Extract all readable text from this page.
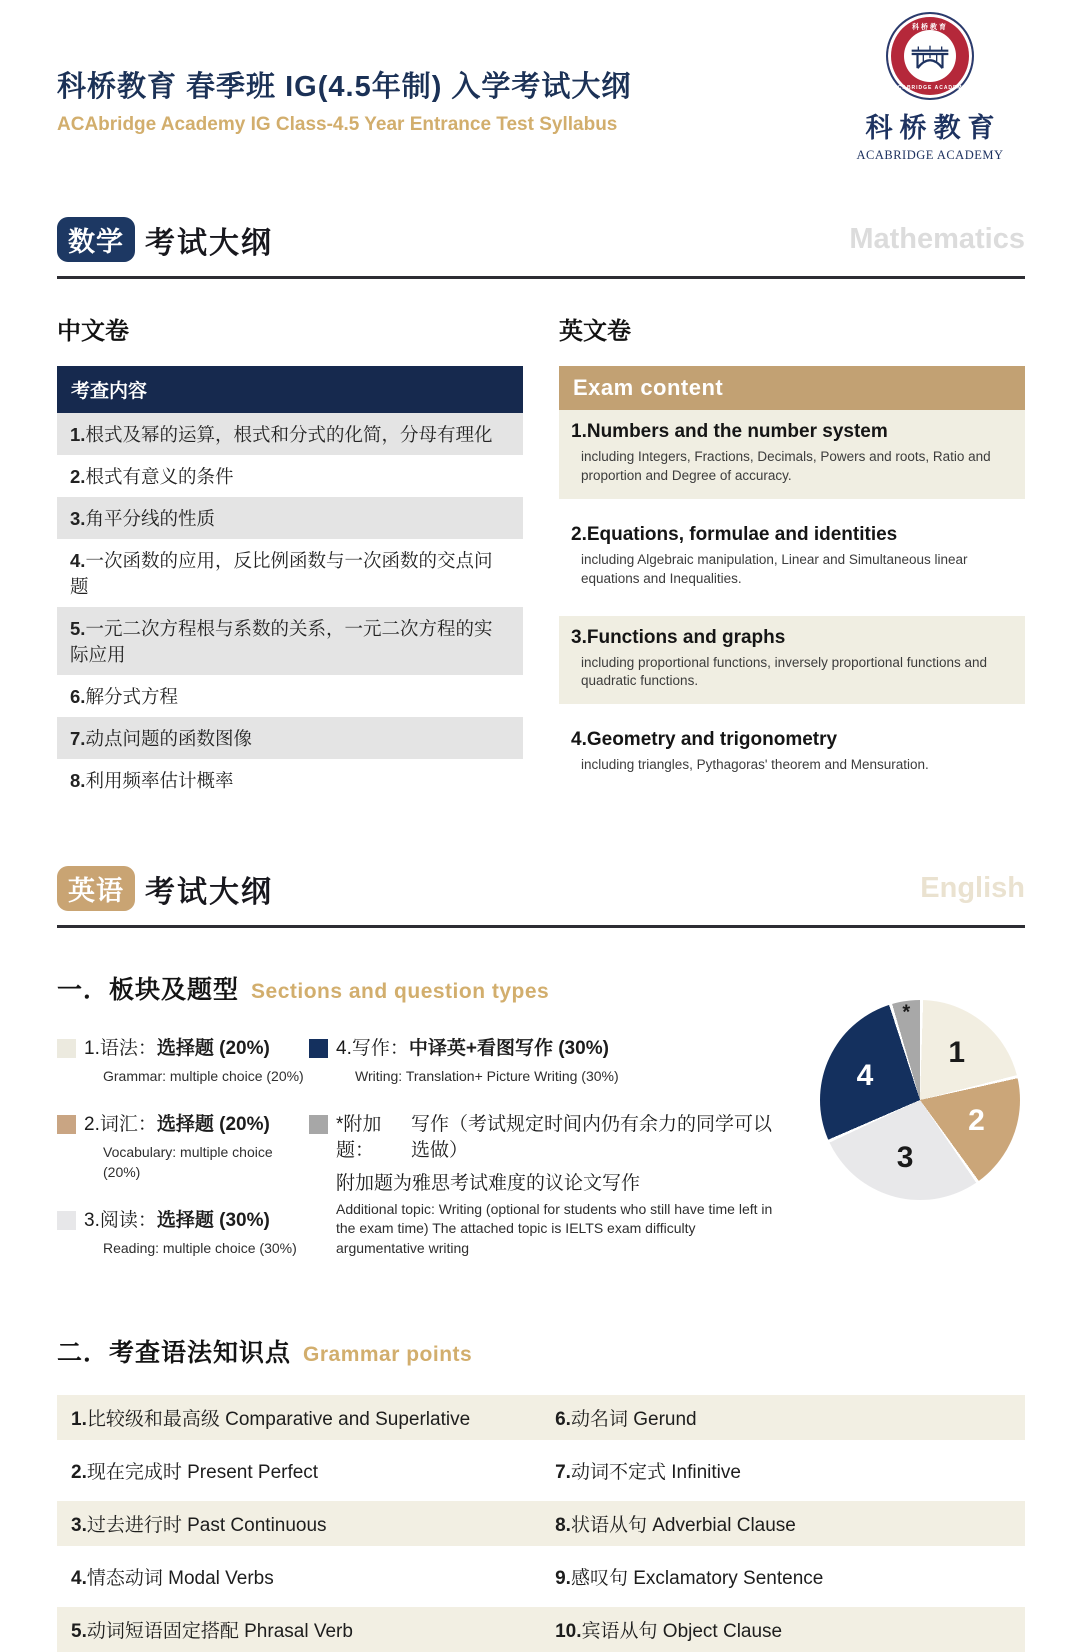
科桥教育 春季班 IG(4.5年制) 入学考试大纲
ACAbridge Academy IG Class-4.5 Year Entrance Test Syllabus
科桥教育
ACABRIDGE ACADEMY
科桥教育
ACABRIDGE ACADEMY
数学 考试大纲	Mathematics
中文卷
考查内容
1.根式及幂的运算，根式和分式的化简，分母有理化
2.根式有意义的条件
3.角平分线的性质
4.一次函数的应用，反比例函数与一次函数的交点问题
5.一元二次方程根与系数的关系，一元二次方程的实际应用
6.解分式方程
7.动点问题的函数图像
8.利用频率估计概率
英文卷
Exam content
1.Numbers and the number system
including Integers, Fractions, Decimals, Powers and roots, Ratio and proportion and Degree of accuracy.
2.Equations, formulae and identities
including Algebraic manipulation, Linear and Simultaneous linear equations and Inequalities.
3.Functions and graphs
including proportional functions, inversely proportional functions and quadratic functions.
4.Geometry and trigonometry
including triangles, Pythagoras' theorem and Mensuration.
英语 考试大纲	English
一．板块及题型 Sections and question types
1.语法： 选择题 (20%)
Grammar: multiple choice (20%)
2.词汇： 选择题 (20%)
Vocabulary: multiple choice (20%)
3.阅读： 选择题 (30%)
Reading: multiple choice (30%)
4.写作： 中译英+看图写作 (30%)
Writing: Translation+ Picture Writing (30%)
*附加题：
写作（考试规定时间内仍有余力的同学可以选做）
附加题为雅思考试难度的议论文写作
Additional topic: Writing (optional for students who still have time left in the exam time) The attached topic is IELTS exam difficulty argumentative writing
1
2
3
4
*
二．考查语法知识点 Grammar points
1.比较级和最高级 Comparative and Superlative	6.动名词 Gerund
2.现在完成时 Present Perfect	7.动词不定式 Infinitive
3.过去进行时 Past Continuous	8.状语从句 Adverbial Clause
4.情态动词 Modal Verbs	9.感叹句 Exclamatory Sentence
5.动词短语固定搭配 Phrasal Verb	10.宾语从句 Object Clause
